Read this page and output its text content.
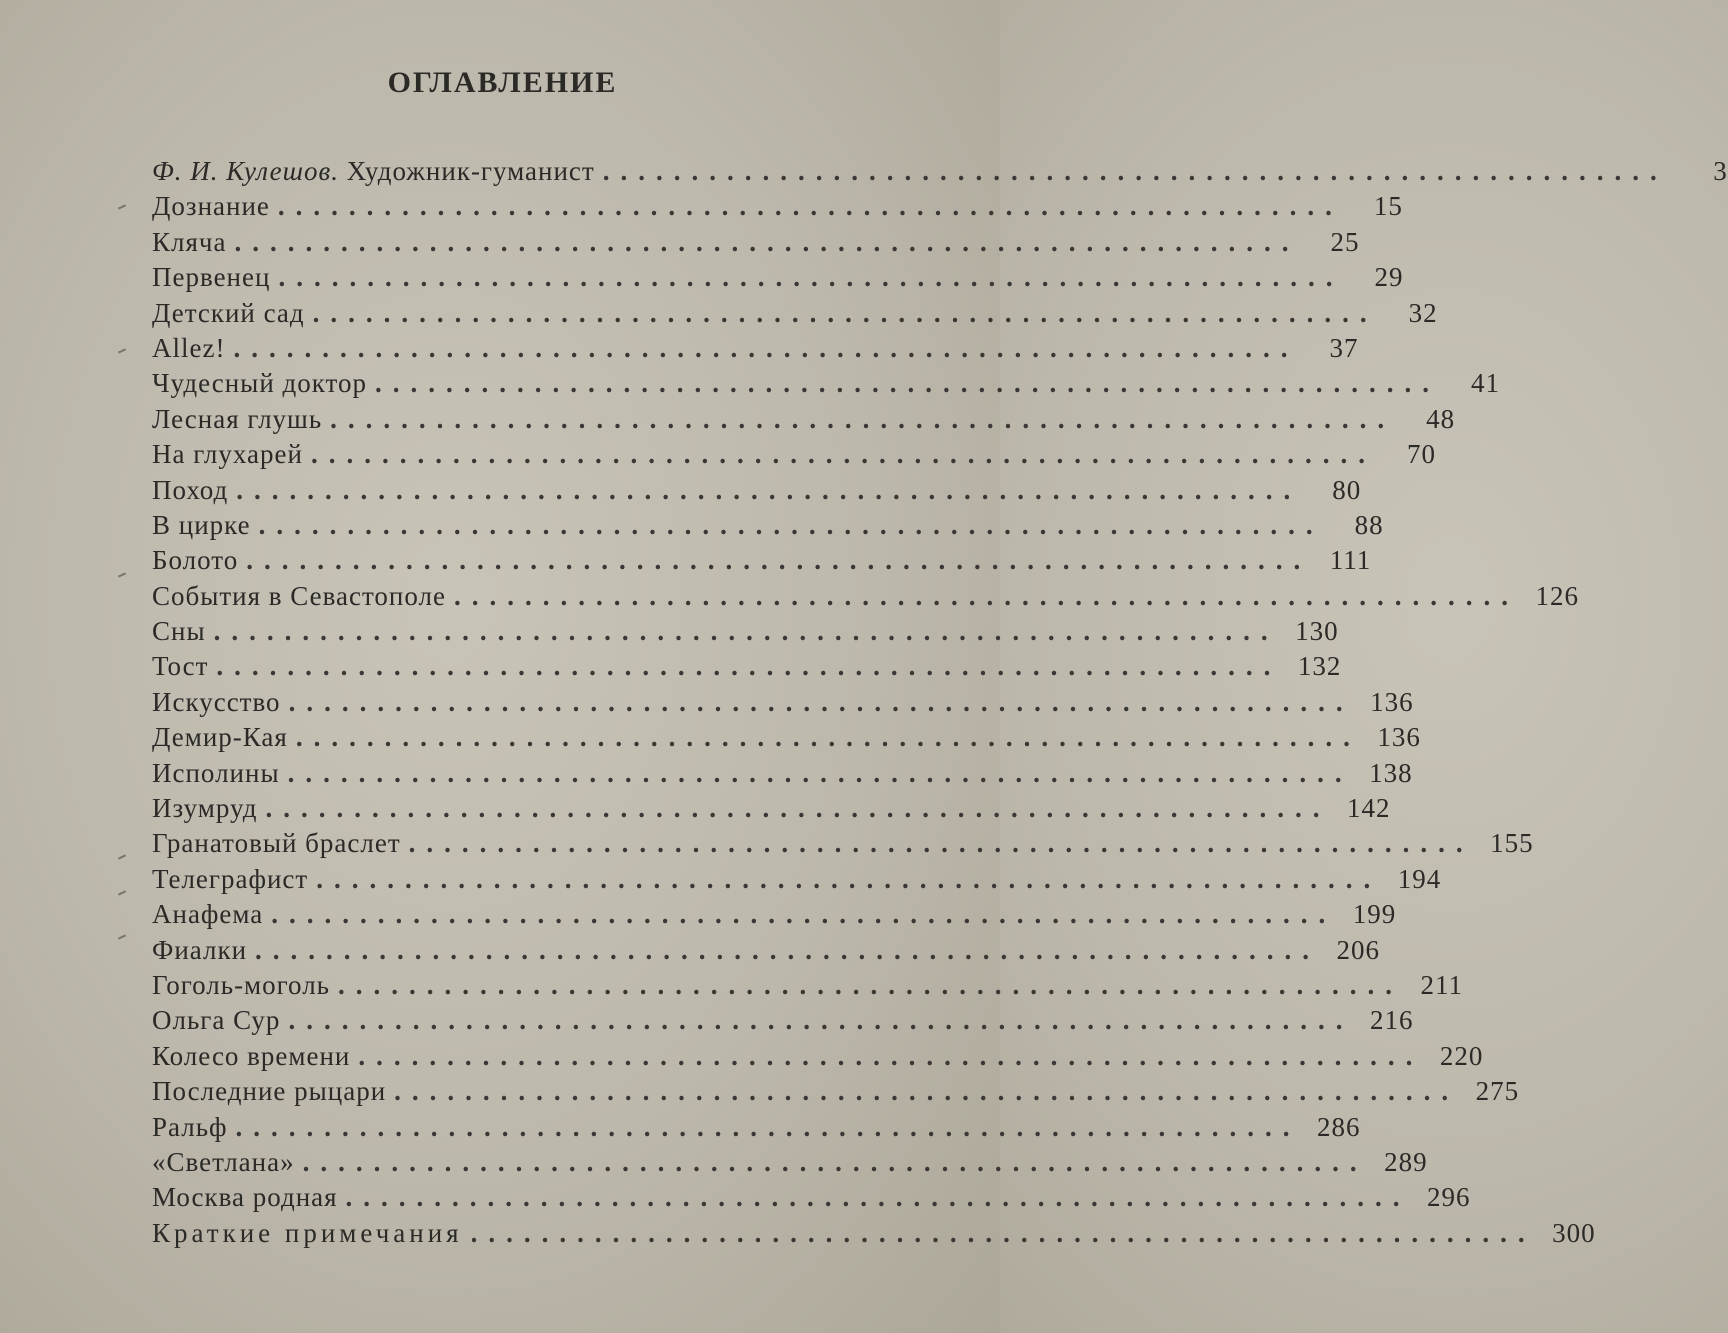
ОГЛАВЛЕНИЕ
Ф. И. Кулешов. Художник-гуманист ............................................................	3
Дознание ............................................................	15
Кляча ............................................................	25
Первенец ............................................................	29
Детский сад ............................................................	32
Allez! ............................................................	37
Чудесный доктор ............................................................	41
Лесная глушь ............................................................	48
На глухарей ............................................................	70
Поход ............................................................	80
В цирке ............................................................	88
Болото ............................................................ 111
События в Севастополе ............................................................ 126
Сны ............................................................ 130
Тост ............................................................ 132
Искусство ............................................................ 136
Демир-Кая ............................................................ 136
Исполины ............................................................ 138
Изумруд ............................................................ 142
Гранатовый браслет ............................................................ 155
Телеграфист ............................................................ 194
Анафема ............................................................ 199
Фиалки ............................................................ 206
Гоголь-моголь ............................................................ 211
Ольга Сур ............................................................ 216
Колесо времени ............................................................ 220
Последние рыцари ............................................................ 275
Ральф ............................................................ 286
«Светлана» ............................................................ 289
Москва родная ............................................................ 296
Краткие примечания ............................................................ 300
